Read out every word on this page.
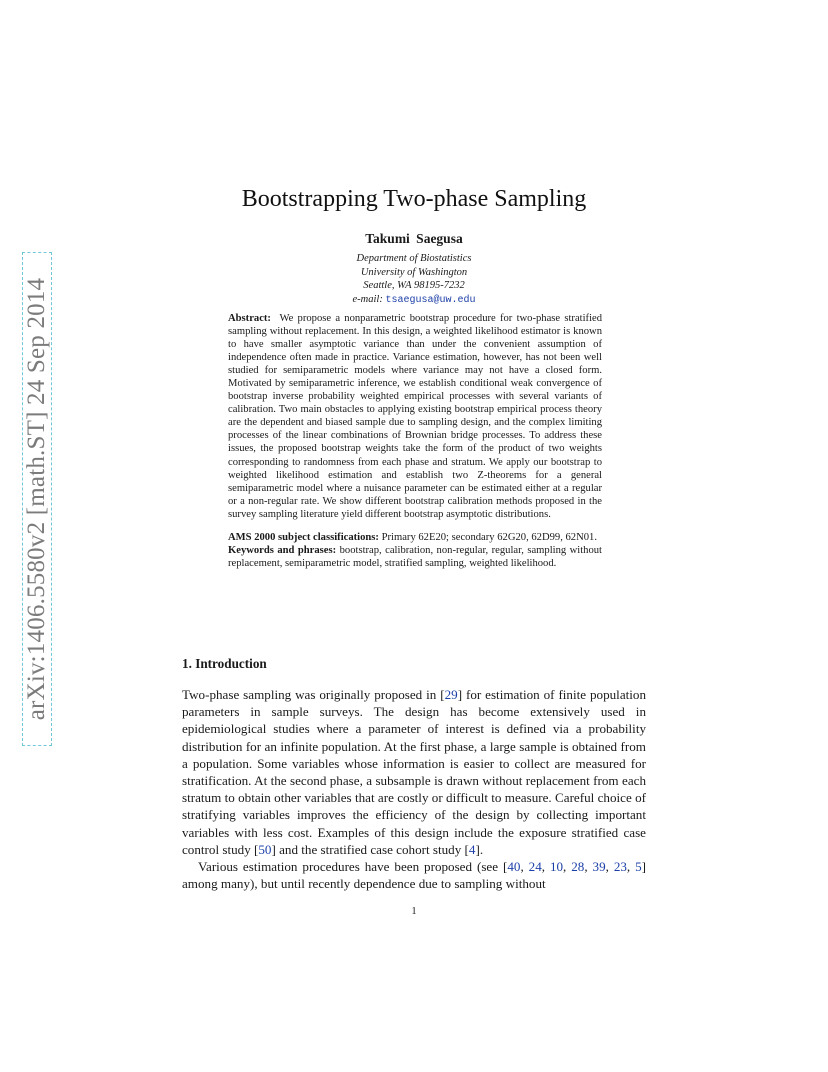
arXiv:1406.5580v2 [math.ST] 24 Sep 2014
Bootstrapping Two-phase Sampling
Takumi Saegusa
Department of Biostatistics
University of Washington
Seattle, WA 98195-7232
e-mail: tsaegusa@uw.edu

Abstract: We propose a nonparametric bootstrap procedure for two-phase stratified sampling without replacement. In this design, a weighted likelihood estimator is known to have smaller asymptotic variance than under the convenient assumption of independence often made in practice. Variance estimation, however, has not been well studied for semiparametric models where variance may not have a closed form. Motivated by semiparametric inference, we establish conditional weak convergence of bootstrap inverse probability weighted empirical processes with several variants of calibration. Two main obstacles to applying existing bootstrap empirical process theory are the dependent and biased sample due to sampling design, and the complex limiting processes of the linear combinations of Brownian bridge processes. To address these issues, the proposed bootstrap weights take the form of the product of two weights corresponding to randomness from each phase and stratum. We apply our bootstrap to weighted likelihood estimation and establish two Z-theorems for a general semiparametric model where a nuisance parameter can be estimated either at a regular or a non-regular rate. We show different bootstrap calibration methods proposed in the survey sampling literature yield different bootstrap asymptotic distributions.

AMS 2000 subject classifications: Primary 62E20; secondary 62G20, 62D99, 62N01.

Keywords and phrases: bootstrap, calibration, non-regular, regular, sampling without replacement, semiparametric model, stratified sampling, weighted likelihood.

1. Introduction

Two-phase sampling was originally proposed in [29] for estimation of finite population parameters in sample surveys. The design has become extensively used in epidemiological studies where a parameter of interest is defined via a probability distribution for an infinite population. At the first phase, a large sample is obtained from a population. Some variables whose information is easier to collect are measured for stratification. At the second phase, a subsample is drawn without replacement from each stratum to obtain other variables that are costly or difficult to measure. Careful choice of stratifying variables improves the efficiency of the design by collecting important variables with less cost. Examples of this design include the exposure stratified case control study [50] and the stratified case cohort study [4].

Various estimation procedures have been proposed (see [40, 24, 10, 28, 39, 23, 5] among many), but until recently dependence due to sampling without

1
